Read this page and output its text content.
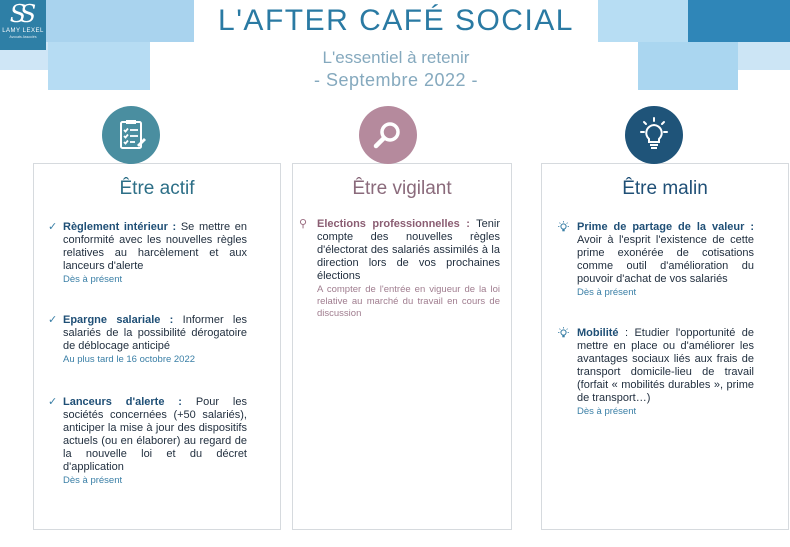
SS
LAMY LEXEL
Avocats Associés	L'AFTER CAFÉ SOCIAL
L'essentiel à retenir
- Septembre 2022 -
Être actif
✓ Règlement intérieur : Se mettre en conformité avec les nouvelles règles relatives au harcèlement et aux lanceurs d'alerte
Dès à présent
✓ Epargne salariale : Informer les salariés de la possibilité dérogatoire de déblocage anticipé
Au plus tard le 16 octobre 2022
✓ Lanceurs d'alerte : Pour les sociétés concernées (+50 salariés), anticiper la mise à jour des dispositifs actuels (ou en élaborer) au regard de la nouvelle loi et du décret d'application
Dès à présent
Être vigilant
⚲ Elections professionnelles : Tenir compte des nouvelles règles d'électorat des salariés assimilés à la direction lors de vos prochaines élections
A compter de l'entrée en vigueur de la loi relative au marché du travail en cours de discussion
Être malin
Prime de partage de la valeur : Avoir à l'esprit l'existence de cette prime exonérée de cotisations comme outil d'amélioration du pouvoir d'achat de vos salariés
Dès à présent
Mobilité : Etudier l'opportunité de mettre en place ou d'améliorer les avantages sociaux liés aux frais de transport domicile-lieu de travail (forfait « mobilités durables », prime de transport…)
Dès à présent
